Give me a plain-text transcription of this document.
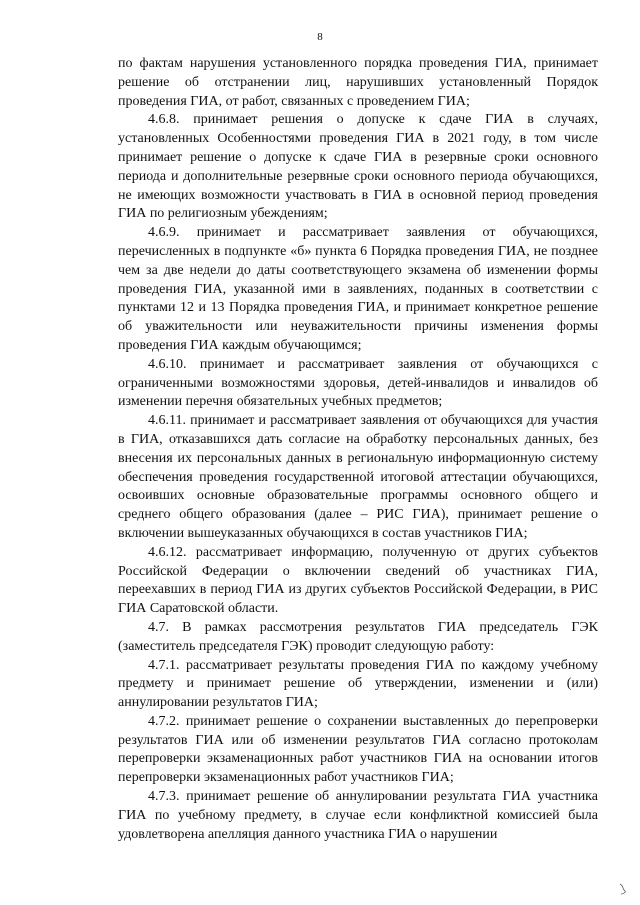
8

по фактам нарушения установленного порядка проведения ГИА, принимает решение об отстранении лиц, нарушивших установленный Порядок проведения ГИА, от работ, связанных с проведением ГИА;

4.6.8. принимает решения о допуске к сдаче ГИА в случаях, установленных Особенностями проведения ГИА в 2021 году, в том числе принимает решение о допуске к сдаче ГИА в резервные сроки основного периода и дополнительные резервные сроки основного периода обучающихся, не имеющих возможности участвовать в ГИА в основной период проведения ГИА по религиозным убеждениям;

4.6.9. принимает и рассматривает заявления от обучающихся, перечисленных в подпункте «б» пункта 6 Порядка проведения ГИА, не позднее чем за две недели до даты соответствующего экзамена об изменении формы проведения ГИА, указанной ими в заявлениях, поданных в соответствии с пунктами 12 и 13 Порядка проведения ГИА, и принимает конкретное решение об уважительности или неуважительности причины изменения формы проведения ГИА каждым обучающимся;

4.6.10. принимает и рассматривает заявления от обучающихся с ограниченными возможностями здоровья, детей-инвалидов и инвалидов об изменении перечня обязательных учебных предметов;

4.6.11. принимает и рассматривает заявления от обучающихся для участия в ГИА, отказавшихся дать согласие на обработку персональных данных, без внесения их персональных данных в региональную информационную систему обеспечения проведения государственной итоговой аттестации обучающихся, освоивших основные образовательные программы основного общего и среднего общего образования (далее – РИС ГИА), принимает решение о включении вышеуказанных обучающихся в состав участников ГИА;

4.6.12. рассматривает информацию, полученную от других субъектов Российской Федерации о включении сведений об участниках ГИА, переехавших в период ГИА из других субъектов Российской Федерации, в РИС ГИА Саратовской области.

4.7. В рамках рассмотрения результатов ГИА председатель ГЭК (заместитель председателя ГЭК) проводит следующую работу:

4.7.1. рассматривает результаты проведения ГИА по каждому учебному предмету и принимает решение об утверждении, изменении и (или) аннулировании результатов ГИА;

4.7.2. принимает решение о сохранении выставленных до перепроверки результатов ГИА или об изменении результатов ГИА согласно протоколам перепроверки экзаменационных работ участников ГИА на основании итогов перепроверки экзаменационных работ участников ГИА;

4.7.3. принимает решение об аннулировании результата ГИА участника ГИА по учебному предмету, в случае если конфликтной комиссией была удовлетворена апелляция данного участника ГИА о нарушении
